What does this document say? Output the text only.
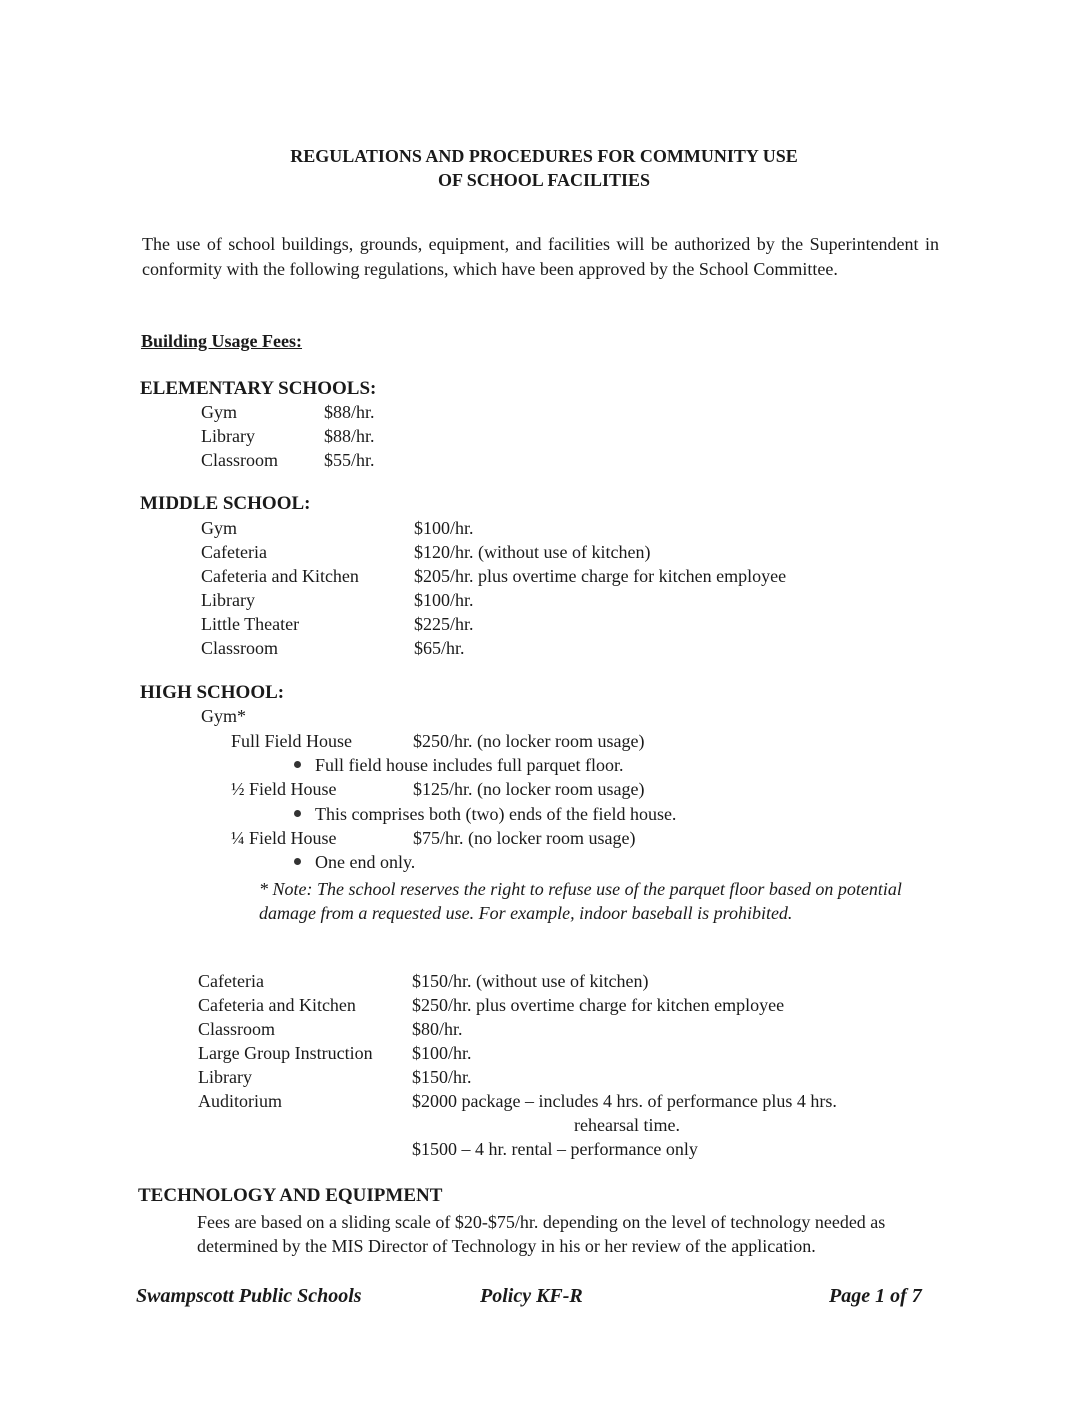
REGULATIONS AND PROCEDURES FOR COMMUNITY USE
OF SCHOOL FACILITIES
The use of school buildings, grounds, equipment, and facilities will be authorized by the Superintendent in conformity with the following regulations, which have been approved by the School Committee.
Building Usage Fees:
ELEMENTARY SCHOOLS:
Gym	$88/hr.
Library	$88/hr.
Classroom	$55/hr.
MIDDLE SCHOOL:
Gym	$100/hr.
Cafeteria	$120/hr. (without use of kitchen)
Cafeteria and Kitchen	$205/hr. plus overtime charge for kitchen employee
Library	$100/hr.
Little Theater	$225/hr.
Classroom	$65/hr.
HIGH SCHOOL:
Gym*
Full Field House	$250/hr. (no locker room usage)
Full field house includes full parquet floor.
½ Field House	$125/hr. (no locker room usage)
This comprises both (two) ends of the field house.
¼ Field House	$75/hr. (no locker room usage)
One end only.
* Note: The school reserves the right to refuse use of the parquet floor based on potential damage from a requested use. For example, indoor baseball is prohibited.
Cafeteria	$150/hr. (without use of kitchen)
Cafeteria and Kitchen	$250/hr. plus overtime charge for kitchen employee
Classroom	$80/hr.
Large Group Instruction $100/hr.
Library	$150/hr.
Auditorium	$2000 package – includes 4 hrs. of performance plus 4 hrs.
rehearsal time.
$1500 – 4 hr. rental – performance only
TECHNOLOGY AND EQUIPMENT
Fees are based on a sliding scale of $20-$75/hr. depending on the level of technology needed as determined by the MIS Director of Technology in his or her review of the application.
Swampscott Public Schools	Policy KF-R	Page 1 of 7
